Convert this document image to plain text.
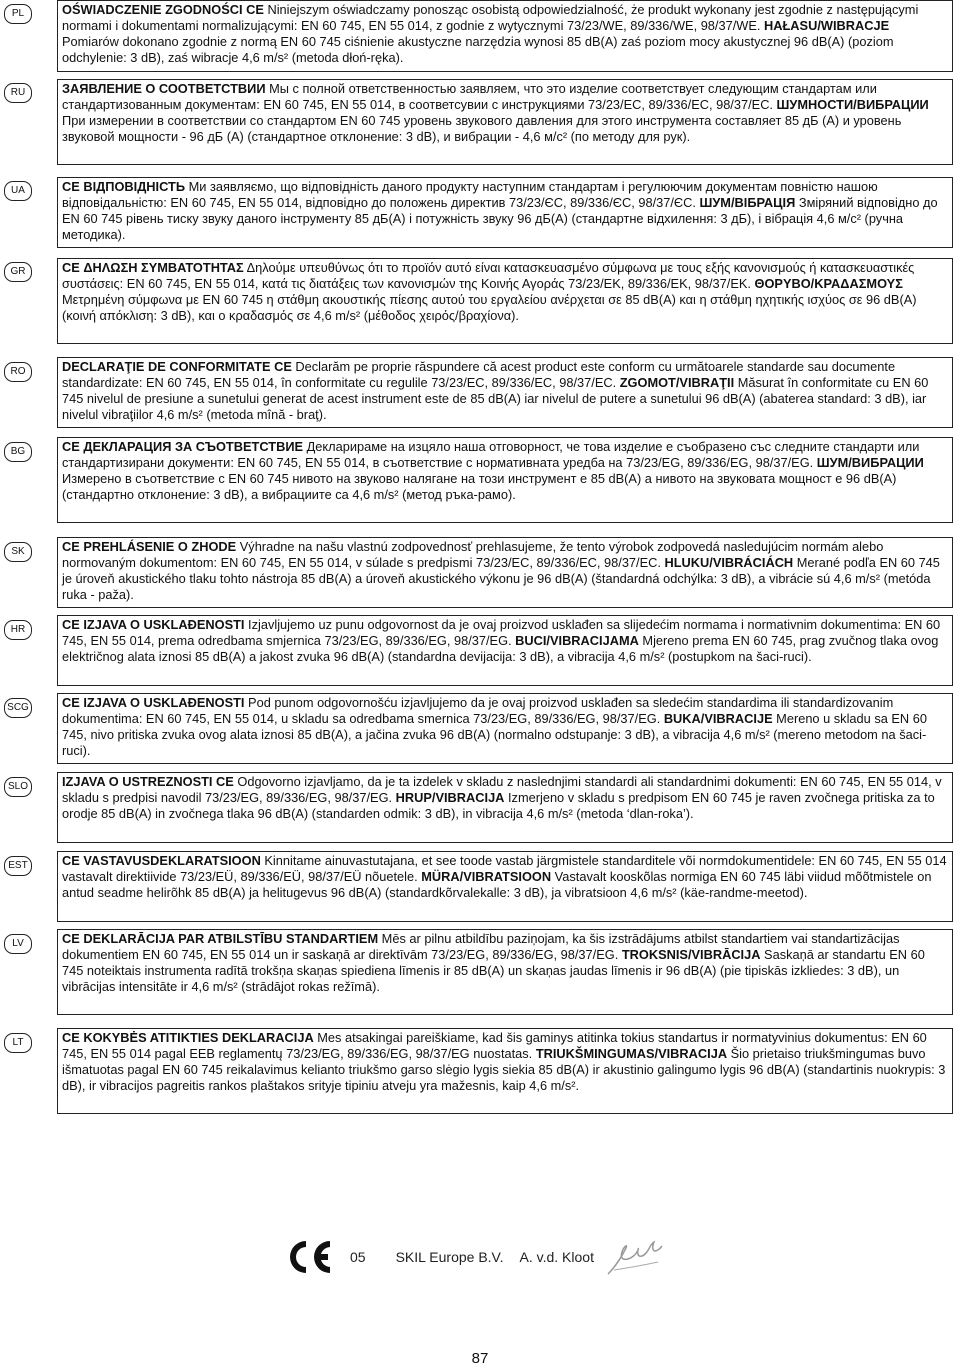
PL	OŚWIADCZENIE ZGODNOŚCI CE Niniejszym oświadczamy ponosząc osobistą odpowiedzialność, że produkt wykonany jest zgodnie z następującymi normami i dokumentami normalizującymi: EN 60 745, EN 55 014, z godnie z wytycznymi 73/23/WE, 89/336/WE, 98/37/WE. HAŁASU/WIBRACJE Pomiarów dokonano zgodnie z normą EN 60 745 ciśnienie akustyczne narzędzia wynosi 85 dB(A) zaś poziom mocy akustycznej 96 dB(A) (poziom odchylenie: 3 dB), zaś wibracje 4,6 m/s² (metoda dłoń-ręka).
RU	ЗАЯВЛЕНИЕ О СООТВЕТСТВИИ Мы с полной ответственностью заявляем, что это изделие соответствует следующим стандартам или стандартизованным документам: EN 60 745, EN 55 014, в соответсувии с инструкциями 73/23/EC, 89/336/EC, 98/37/EC. ШУМНОСТИ/ВИБРАЦИИ При измерении в соответствии со стандартом EN 60 745 уровень звукового давления для этого инструмента составляет 85 дБ (A) и уровень звуковой мощности - 96 дБ (A) (стандартное отклонение: 3 dB), и вибрации - 4,6 м/с² (по методу для рук).
UA	CE ВІДПОВІДНІСТЬ Ми заявляємо, що відповідність даного продукту наступним стандартам і регулюючим документам повністю нашою відповідальністю: EN 60 745, EN 55 014, відповідно до положень директив 73/23/ЄC, 89/336/ЄC, 98/37/ЄC. ШУМ/ВІБРАЦІЯ Зміряний відповідно до EN 60 745 рівень тиску звуку даного інструменту 85 дБ(A) і потужність звуку 96 дБ(A) (стандартне відхилення: 3 дБ), і вібрація 4,6 м/с² (ручна методика).
GR	CE ΔΗΛΩΣΗ ΣΥΜΒΑΤΟΤΗΤΑΣ Δηλούμε υπευθύνως ότι το προϊόν αυτό είναι κατασκευασμένο σύμφωνα με τους εξής κανονισμούς ή κατασκευαστικές συστάσεις: EN 60 745, EN 55 014, κατά τις διατάξεις των κανονισμών της Κοινής Αγοράς 73/23/EK, 89/336/EK, 98/37/EK. ΘΟΡΥΒΟ/ΚΡΑΔΑΣΜΟΥΣ Μετρημένη σύμφωνα με EN 60 745 η στάθμη ακουστικής πίεσης αυτού του εργαλείου ανέρχεται σε 85 dB(A) και η στάθμη ηχητικής ισχύος σε 96 dB(A) (κοινή απόκλιση: 3 dB), και ο κραδασμός σε 4,6 m/s² (μέθοδος χειρός/βραχίονα).
RO	DECLARAŢIE DE CONFORMITATE CE Declarăm pe proprie răspundere că acest product este conform cu următoarele standarde sau documente standardizate: EN 60 745, EN 55 014, în conformitate cu regulile 73/23/EC, 89/336/EC, 98/37/EC. ZGOMOT/VIBRAŢII Măsurat în conformitate cu EN 60 745 nivelul de presiune a sunetului generat de acest instrument este de 85 dB(A) iar nivelul de putere a sunetului 96 dB(A) (abaterea standard: 3 dB), iar nivelul vibraţiilor 4,6 m/s² (metoda mînă - braţ).
BG	CE ДЕКЛАРАЦИЯ ЗА СЪОТВЕТСТВИЕ Декларираме на изцяло наша отговорност, че това изделие е съобразено със следните стандарти или стандартизирани документи: EN 60 745, EN 55 014, в съответствие с нормативната уредба на 73/23/EG, 89/336/EG, 98/37/EG. ШУМ/ВИБРАЦИИ Измерено в съответствие с EN 60 745 нивото на звуково налягане на този инструмент е 85 dB(A) а нивото на звуковата мощност е 96 dB(A) (стандартно отклонение: 3 dB), а вибрациите са 4,6 m/s² (метод ръка-рамо).
SK	CE PREHLÁSENIE O ZHODE Výhradne na našu vlastnú zodpovednosť prehlasujeme, že tento výrobok zodpovedá nasledujúcim normám alebo normovaným dokumentom: EN 60 745, EN 55 014, v súlade s predpismi 73/23/EC, 89/336/EC, 98/37/EC. HLUKU/VIBRÁCIÁCH Merané podľa EN 60 745 je úroveň akustického tlaku tohto nástroja 85 dB(A) a úroveň akustického výkonu je 96 dB(A) (štandardná odchýlka: 3 dB), a vibrácie sú 4,6 m/s² (metóda ruka - paža).
HR	CE IZJAVA O USKLAĐENOSTI Izjavljujemo uz punu odgovornost da je ovaj proizvod usklađen sa slijedećim normama i normativnim dokumentima: EN 60 745, EN 55 014, prema odredbama smjernica 73/23/EG, 89/336/EG, 98/37/EG. BUCI/VIBRACIJAMA Mjereno prema EN 60 745, prag zvučnog tlaka ovog električnog alata iznosi 85 dB(A) a jakost zvuka 96 dB(A) (standardna devijacija: 3 dB), a vibracija 4,6 m/s² (postupkom na šaci-ruci).
SCG	CE IZJAVA O USKLAĐENOSTI Pod punom odgovornošću izjavljujemo da je ovaj proizvod usklađen sa sledećim standardima ili standardizovanim dokumentima: EN 60 745, EN 55 014, u skladu sa odredbama smernica 73/23/EG, 89/336/EG, 98/37/EG. BUKA/VIBRACIJE Mereno u skladu sa EN 60 745, nivo pritiska zvuka ovog alata iznosi 85 dB(A), a jačina zvuka 96 dB(A) (normalno odstupanje: 3 dB), a vibracija 4,6 m/s² (mereno metodom na šaci-ruci).
SLO	IZJAVA O USTREZNOSTI CE Odgovorno izjavljamo, da je ta izdelek v skladu z naslednjimi standardi ali standardnimi dokumenti: EN 60 745, EN 55 014, v skladu s predpisi navodil 73/23/EG, 89/336/EG, 98/37/EG. HRUP/VIBRACIJA Izmerjeno v skladu s predpisom EN 60 745 je raven zvočnega pritiska za to orodje 85 dB(A) in zvočnega tlaka 96 dB(A) (standarden odmik: 3 dB), in vibracija 4,6 m/s² (metoda ‘dlan-roka’).
EST	CE VASTAVUSDEKLARATSIOON Kinnitame ainuvastutajana, et see toode vastab järgmistele standarditele või normdokumentidele: EN 60 745, EN 55 014 vastavalt direktiivide 73/23/EÜ, 89/336/EÜ, 98/37/EÜ nõuetele. MÜRA/VIBRATSIOON Vastavalt kooskõlas normiga EN 60 745 läbi viidud mõõtmistele on antud seadme helirõhk 85 dB(A) ja helitugevus 96 dB(A) (standardkõrvalekalle: 3 dB), ja vibratsioon 4,6 m/s² (käe-randme-meetod).
LV	CE DEKLARĀCIJA PAR ATBILSTĪBU STANDARTIEM Mēs ar pilnu atbildību paziņojam, ka šis izstrādājums atbilst standartiem vai standartizācijas dokumentiem EN 60 745, EN 55 014 un ir saskaņā ar direktīvām 73/23/EG, 89/336/EG, 98/37/EG. TROKSNIS/VIBRĀCIJA Saskaņā ar standartu EN 60 745 noteiktais instrumenta radītā trokšņa skaņas spiediena līmenis ir 85 dB(A) un skaņas jaudas līmenis ir 96 dB(A) (pie tipiskās izkliedes: 3 dB), un vibrācijas intensitāte ir 4,6 m/s² (strādājot rokas režīmā).
LT	CE KOKYBĖS ATITIKTIES DEKLARACIJA Mes atsakingai pareiškiame, kad šis gaminys atitinka tokius standartus ir normatyvinius dokumentus: EN 60 745, EN 55 014 pagal EEB reglamentų 73/23/EG, 89/336/EG, 98/37/EG nuostatas. TRIUKŠMINGUMAS/VIBRACIJA Šio prietaiso triukšmingumas buvo išmatuotas pagal EN 60 745 reikalavimus kelianto triukšmo garso slėgio lygis siekia 85 dB(A) ir akustinio galingumo lygis 96 dB(A) (standartinis nuokrypis: 3 dB), ir vibracijos pagreitis rankos plaštakos srityje tipiniu atveju yra mažesnis, kaip 4,6 m/s².
05 SKIL Europe B.V. A. v.d. Kloot
87
